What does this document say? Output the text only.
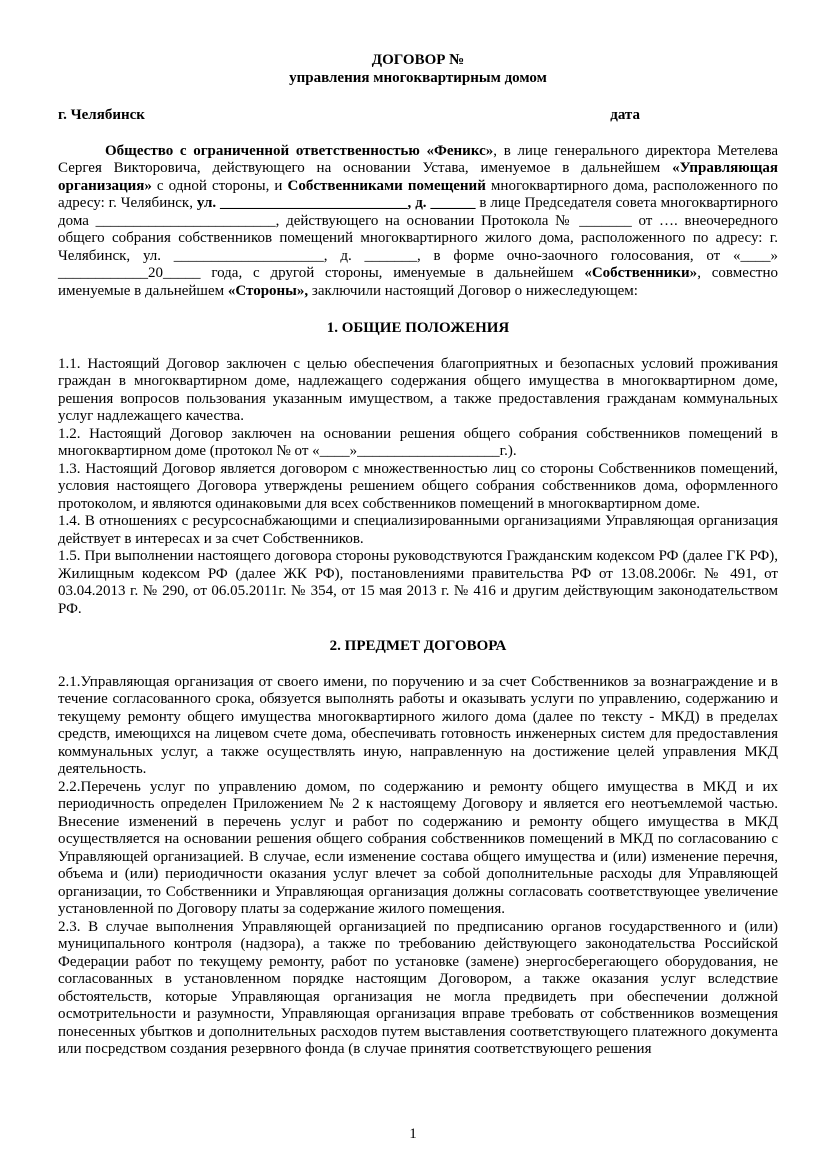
ДОГОВОР №

управления многоквартирным домом

г. Челябинск	дата

Общество с ограниченной ответственностью «Феникс», в лице генерального директора Метелева Сергея Викторовича, действующего на основании Устава, именуемое в дальнейшем «Управляющая организация» с одной стороны, и Собственниками помещений многоквартирного дома, расположенного по адресу: г. Челябинск, ул. _________________________, д. ______ в лице Председателя совета многоквартирного дома ________________________, действующего на основании Протокола № _______ от …. внеочередного общего собрания собственников помещений многоквартирного жилого дома, расположенного по адресу: г. Челябинск, ул. ____________________, д. _______, в форме очно-заочного голосования, от «____» ____________20_____ года, с другой стороны, именуемые в дальнейшем «Собственники», совместно именуемые в дальнейшем «Стороны», заключили настоящий Договор о нижеследующем:

1. ОБЩИЕ ПОЛОЖЕНИЯ

1.1. Настоящий Договор заключен с целью обеспечения благоприятных и безопасных условий проживания граждан в многоквартирном доме, надлежащего содержания общего имущества в многоквартирном доме, решения вопросов пользования указанным имуществом, а также предоставления гражданам коммунальных услуг надлежащего качества.

1.2. Настоящий Договор заключен на основании решения общего собрания собственников помещений в многоквартирном доме (протокол № от «____»___________________г.).

1.3. Настоящий Договор является договором с множественностью лиц со стороны Собственников помещений, условия настоящего Договора утверждены решением общего собрания собственников дома, оформленного протоколом, и являются одинаковыми для всех собственников помещений в многоквартирном доме.

1.4. В отношениях с ресурсоснабжающими и специализированными организациями Управляющая организация действует в интересах и за счет Собственников.

1.5. При выполнении настоящего договора стороны руководствуются Гражданским кодексом РФ (далее ГК РФ), Жилищным кодексом РФ (далее ЖК РФ), постановлениями правительства РФ от 13.08.2006г. № 491, от 03.04.2013 г. № 290, от 06.05.2011г. № 354, от 15 мая 2013 г. № 416 и другим действующим законодательством РФ.

2. ПРЕДМЕТ ДОГОВОРА

2.1.Управляющая организация от своего имени, по поручению и за счет Собственников за вознаграждение и в течение согласованного срока, обязуется выполнять работы и оказывать услуги по управлению, содержанию и текущему ремонту общего имущества многоквартирного жилого дома (далее по тексту - МКД) в пределах средств, имеющихся на лицевом счете дома, обеспечивать готовность инженерных систем для предоставления коммунальных услуг, а также осуществлять иную, направленную на достижение целей управления МКД деятельность.

2.2.Перечень услуг по управлению домом, по содержанию и ремонту общего имущества в МКД и их периодичность определен Приложением № 2 к настоящему Договору и является его неотъемлемой частью. Внесение изменений в перечень услуг и работ по содержанию и ремонту общего имущества в МКД осуществляется на основании решения общего собрания собственников помещений в МКД по согласованию с Управляющей организацией. В случае, если изменение состава общего имущества и (или) изменение перечня, объема и (или) периодичности оказания услуг влечет за собой дополнительные расходы для Управляющей организации, то Собственники и Управляющая организация должны согласовать соответствующее увеличение установленной по Договору платы за содержание жилого помещения.

2.3. В случае выполнения Управляющей организацией по предписанию органов государственного и (или) муниципального контроля (надзора), а также по требованию действующего законодательства Российской Федерации работ по текущему ремонту, работ по установке (замене) энергосберегающего оборудования, не согласованных в установленном порядке настоящим Договором, а также оказания услуг вследствие обстоятельств, которые Управляющая организация не могла предвидеть при обеспечении должной осмотрительности и разумности, Управляющая организация вправе требовать от собственников возмещения понесенных убытков и дополнительных расходов путем выставления соответствующего платежного документа или посредством создания резервного фонда (в случае принятия соответствующего решения

1
